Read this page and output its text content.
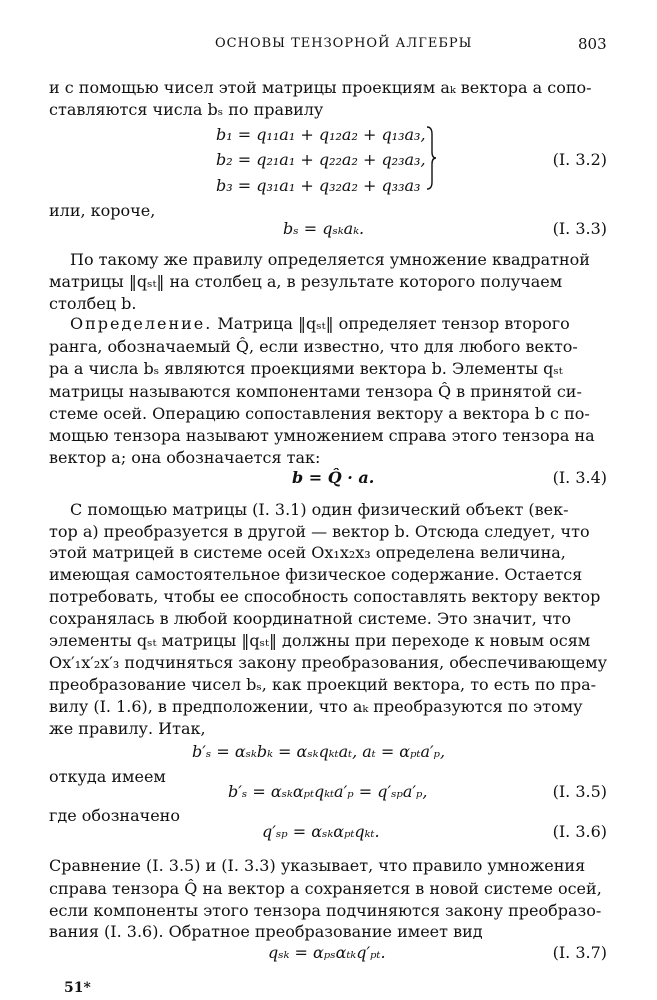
ОСНОВЫ ТЕНЗОРНОЙ АЛГЕБРЫ	803
и с помощью чисел этой матрицы проекциям aₖ вектора a сопо-
ставляются числа bₛ по правилу
b₁ = q₁₁a₁ + q₁₂a₂ + q₁₃a₃,
b₂ = q₂₁a₁ + q₂₂a₂ + q₂₃a₃,
b₃ = q₃₁a₁ + q₃₂a₂ + q₃₃a₃
(I. 3.2)
или, короче,
bₛ = qₛₖaₖ.	(I. 3.3)
По такому же правилу определяется умножение квадратной
матрицы ‖qₛₜ‖ на столбец a, в результате которого получаем
столбец b.
Определение. Матрица ‖qₛₜ‖ определяет тензор второго
ранга, обозначаемый Q̂, если известно, что для любого векто-
ра a числа bₛ являются проекциями вектора b. Элементы qₛₜ
матрицы называются компонентами тензора Q̂ в принятой си-
стеме осей. Операцию сопоставления вектору a вектора b с по-
мощью тензора называют умножением справа этого тензора на
вектор a; она обозначается так:
b = Q̂ · a.	(I. 3.4)
С помощью матрицы (I. 3.1) один физический объект (век-
тор a) преобразуется в другой — вектор b. Отсюда следует, что
этой матрицей в системе осей Ox₁x₂x₃ определена величина,
имеющая самостоятельное физическое содержание. Остается
потребовать, чтобы ее способность сопоставлять вектору вектор
сохранялась в любой координатной системе. Это значит, что
элементы qₛₜ матрицы ‖qₛₜ‖ должны при переходе к новым осям
Ox′₁x′₂x′₃ подчиняться закону преобразования, обеспечивающему
преобразование чисел bₛ, как проекций вектора, то есть по пра-
вилу (I. 1.6), в предположении, что aₖ преобразуются по этому
же правилу. Итак,
b′ₛ = αₛₖbₖ = αₛₖqₖₜaₜ, aₜ = αₚₜa′ₚ,
откуда имеем
b′ₛ = αₛₖαₚₜqₖₜa′ₚ = q′ₛₚa′ₚ,	(I. 3.5)
где обозначено
q′ₛₚ = αₛₖαₚₜqₖₜ.	(I. 3.6)
Сравнение (I. 3.5) и (I. 3.3) указывает, что правило умножения
справа тензора Q̂ на вектор a сохраняется в новой системе осей,
если компоненты этого тензора подчиняются закону преобразо-
вания (I. 3.6). Обратное преобразование имеет вид
qₛₖ = αₚₛαₜₖq′ₚₜ.	(I. 3.7)
51*
